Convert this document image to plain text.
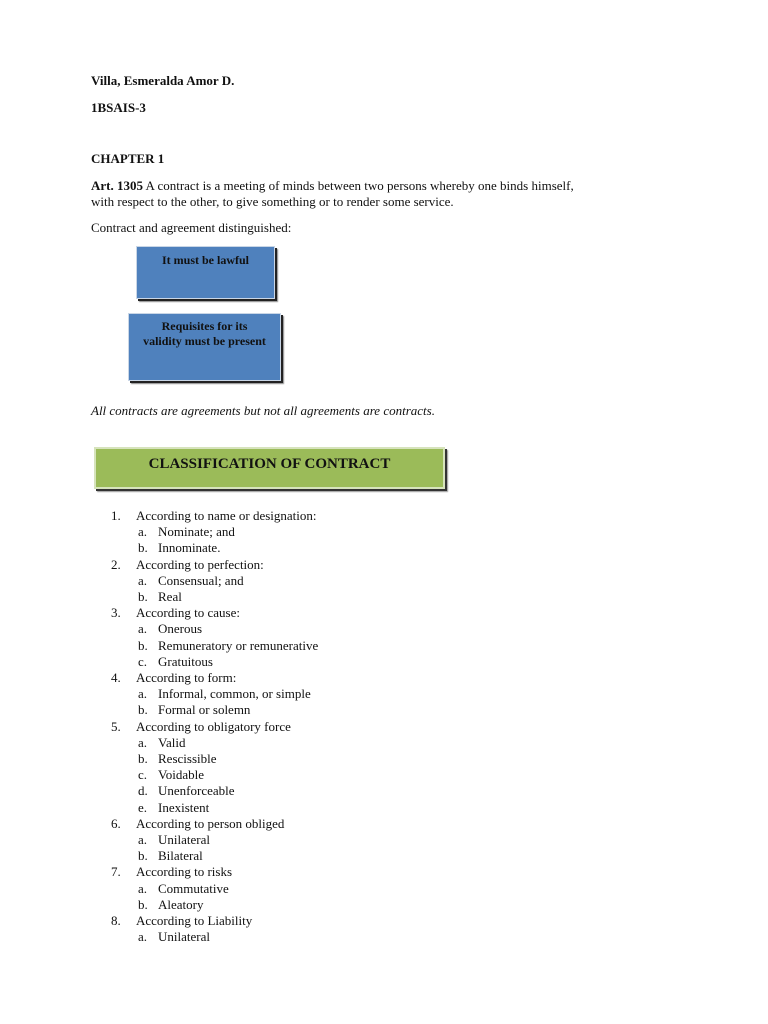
Villa, Esmeralda Amor D.
1BSAIS-3
CHAPTER 1
Art. 1305 A contract is a meeting of minds between two persons whereby one binds himself,
with respect to the other, to give something or to render some service.
Contract and agreement distinguished:
It must be lawful
Requisites for its validity must be present
All contracts are agreements but not all agreements are contracts.
CLASSIFICATION OF CONTRACT
1.	According to name or designation:
a. Nominate; and
b. Innominate.
2.	According to perfection:
a. Consensual; and
b. Real
3.	According to cause:
a. Onerous
b. Remuneratory or remunerative
c. Gratuitous
4.	According to form:
a. Informal, common, or simple
b. Formal or solemn
5.	According to obligatory force
a. Valid
b. Rescissible
c. Voidable
d. Unenforceable
e. Inexistent
6.	According to person obliged
a. Unilateral
b. Bilateral
7.	According to risks
a. Commutative
b. Aleatory
8.	According to Liability
a. Unilateral
